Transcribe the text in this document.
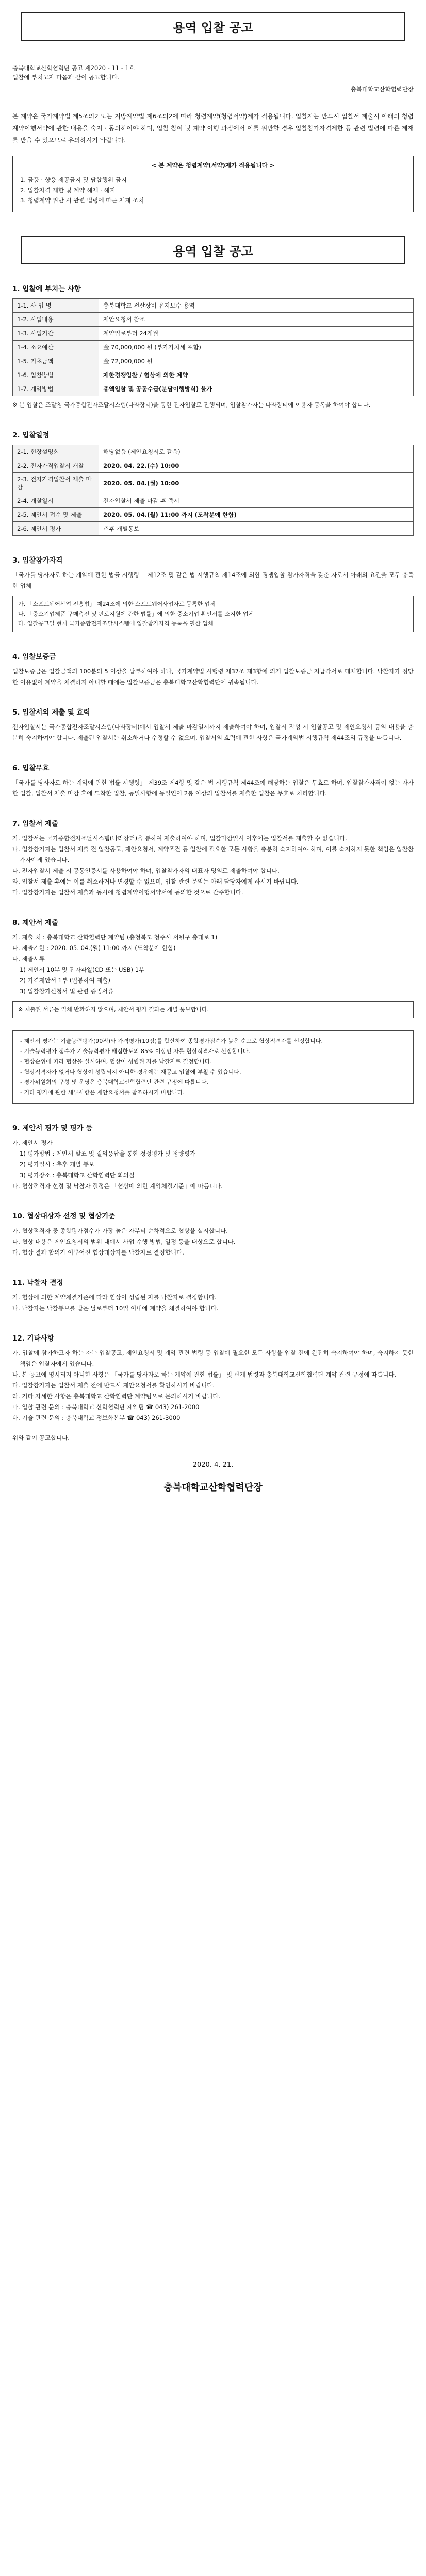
용역 입찰 공고
충북대학교산학협력단 공고 제2020 - 11 - 1호
입찰에 부치고자 다음과 같이 공고합니다.
충북대학교산학협력단장
본 계약은 국가계약법 제5조의2 또는 지방계약법 제6조의2에 따라 청렴계약(청렴서약)제가 적용됩니다. 입찰자는 반드시 입찰서 제출시 아래의 청렴계약이행서약에 관한 내용을 숙지 · 동의하여야 하며, 입찰 참여 및 계약 이행 과정에서 이를 위반할 경우 입찰참가자격제한 등 관련 법령에 따른 제재를 받을 수 있으므로 유의하시기 바랍니다.
< 본 계약은 청렴계약(서약)제가 적용됩니다 >
1. 금품 · 향응 제공금지 및 담합행위 금지
2. 입찰자격 제한 및 계약 해제 · 해지
3. 청렴계약 위반 시 관련 법령에 따른 제재 조치
용역 입찰 공고
1. 입찰에 부치는 사항
1-1. 사 업 명	충북대학교 전산장비 유지보수 용역
1-2. 사업내용	제안요청서 참조
1-3. 사업기간	계약일로부터 24개월
1-4. 소요예산	金 70,000,000 원 (부가가치세 포함)
1-5. 기초금액	金 72,000,000 원
1-6. 입찰방법	제한경쟁입찰 / 협상에 의한 계약
1-7. 계약방법	총액입찰 및 공동수급(분담이행방식) 불가
※ 본 입찰은 조달청 국가종합전자조달시스템(나라장터)을 통한 전자입찰로 진행되며, 입찰참가자는 나라장터에 이용자 등록을 하여야 합니다.
2. 입찰일정
2-1. 현장설명회	해당없음 (제안요청서로 갈음)
2-2. 전자가격입찰서 개찰	2020. 04. 22.(수) 10:00
2-3. 전자가격입찰서 제출 마감	2020. 05. 04.(월) 10:00
2-4. 개찰일시	전자입찰서 제출 마감 후 즉시
2-5. 제안서 접수 및 제출	2020. 05. 04.(월) 11:00 까지 (도착분에 한함)
2-6. 제안서 평가	추후 개별통보
3. 입찰참가자격
「국가를 당사자로 하는 계약에 관한 법률 시행령」 제12조 및 같은 법 시행규칙 제14조에 의한 경쟁입찰 참가자격을 갖춘 자로서 아래의 요건을 모두 충족한 업체
가. 「소프트웨어산업 진흥법」 제24조에 의한 소프트웨어사업자로 등록한 업체
나. 「중소기업제품 구매촉진 및 판로지원에 관한 법률」에 의한 중소기업 확인서를 소지한 업체
다. 입찰공고일 현재 국가종합전자조달시스템에 입찰참가자격 등록을 필한 업체
4. 입찰보증금
입찰보증금은 입찰금액의 100분의 5 이상을 납부하여야 하나, 국가계약법 시행령 제37조 제3항에 의거 입찰보증금 지급각서로 대체합니다. 낙찰자가 정당한 이유없이 계약을 체결하지 아니할 때에는 입찰보증금은 충북대학교산학협력단에 귀속됩니다.
5. 입찰서의 제출 및 효력
전자입찰서는 국가종합전자조달시스템(나라장터)에서 입찰서 제출 마감일시까지 제출하여야 하며, 입찰서 작성 시 입찰공고 및 제안요청서 등의 내용을 충분히 숙지하여야 합니다. 제출된 입찰서는 취소하거나 수정할 수 없으며, 입찰서의 효력에 관한 사항은 국가계약법 시행규칙 제44조의 규정을 따릅니다.
6. 입찰무효
「국가를 당사자로 하는 계약에 관한 법률 시행령」 제39조 제4항 및 같은 법 시행규칙 제44조에 해당하는 입찰은 무효로 하며, 입찰참가자격이 없는 자가 한 입찰, 입찰서 제출 마감 후에 도착한 입찰, 동일사항에 동일인이 2통 이상의 입찰서를 제출한 입찰은 무효로 처리합니다.
7. 입찰서 제출
가. 입찰서는 국가종합전자조달시스템(나라장터)을 통하여 제출하여야 하며, 입찰마감일시 이후에는 입찰서를 제출할 수 없습니다.
나. 입찰참가자는 입찰서 제출 전 입찰공고, 제안요청서, 계약조건 등 입찰에 필요한 모든 사항을 충분히 숙지하여야 하며, 이를 숙지하지 못한 책임은 입찰참가자에게 있습니다.
다. 전자입찰서 제출 시 공동인증서를 사용하여야 하며, 입찰참가자의 대표자 명의로 제출하여야 합니다.
라. 입찰서 제출 후에는 이를 취소하거나 변경할 수 없으며, 입찰 관련 문의는 아래 담당자에게 하시기 바랍니다.
마. 입찰참가자는 입찰서 제출과 동시에 청렴계약이행서약서에 동의한 것으로 간주합니다.
8. 제안서 제출
가. 제출 처 : 충북대학교 산학협력단 계약팀 (충청북도 청주시 서원구 충대로 1)
나. 제출기한 : 2020. 05. 04.(월) 11:00 까지 (도착분에 한함)
다. 제출서류
1) 제안서 10부 및 전자파일(CD 또는 USB) 1부
2) 가격제안서 1부 (밀봉하여 제출)
3) 입찰참가신청서 및 관련 증빙서류
※ 제출된 서류는 일체 반환하지 않으며, 제안서 평가 결과는 개별 통보합니다.
- 제안서 평가는 기술능력평가(90점)와 가격평가(10점)를 합산하여 종합평가점수가 높은 순으로 협상적격자를 선정합니다.
- 기술능력평가 점수가 기술능력평가 배점한도의 85% 이상인 자를 협상적격자로 선정합니다.
- 협상순위에 따라 협상을 실시하며, 협상이 성립된 자를 낙찰자로 결정합니다.
- 협상적격자가 없거나 협상이 성립되지 아니한 경우에는 재공고 입찰에 부칠 수 있습니다.
- 평가위원회의 구성 및 운영은 충북대학교산학협력단 관련 규정에 따릅니다.
- 기타 평가에 관한 세부사항은 제안요청서를 참조하시기 바랍니다.
9. 제안서 평가 및 평가 등
가. 제안서 평가
1) 평가방법 : 제안서 발표 및 질의응답을 통한 정성평가 및 정량평가
2) 평가일시 : 추후 개별 통보
3) 평가장소 : 충북대학교 산학협력단 회의실
나. 협상적격자 선정 및 낙찰자 결정은 「협상에 의한 계약체결기준」에 따릅니다.
10. 협상대상자 선정 및 협상기준
가. 협상적격자 중 종합평가점수가 가장 높은 자부터 순차적으로 협상을 실시합니다.
나. 협상 내용은 제안요청서의 범위 내에서 사업 수행 방법, 일정 등을 대상으로 합니다.
다. 협상 결과 합의가 이루어진 협상대상자를 낙찰자로 결정합니다.
11. 낙찰자 결정
가. 협상에 의한 계약체결기준에 따라 협상이 성립된 자를 낙찰자로 결정합니다.
나. 낙찰자는 낙찰통보를 받은 날로부터 10일 이내에 계약을 체결하여야 합니다.
12. 기타사항
가. 입찰에 참가하고자 하는 자는 입찰공고, 제안요청서 및 계약 관련 법령 등 입찰에 필요한 모든 사항을 입찰 전에 완전히 숙지하여야 하며, 숙지하지 못한 책임은 입찰자에게 있습니다.
나. 본 공고에 명시되지 아니한 사항은 「국가를 당사자로 하는 계약에 관한 법률」 및 관계 법령과 충북대학교산학협력단 계약 관련 규정에 따릅니다.
다. 입찰참가자는 입찰서 제출 전에 반드시 제안요청서를 확인하시기 바랍니다.
라. 기타 자세한 사항은 충북대학교 산학협력단 계약팀으로 문의하시기 바랍니다.
마. 입찰 관련 문의 : 충북대학교 산학협력단 계약팀 ☎ 043) 261-2000
바. 기술 관련 문의 : 충북대학교 정보화본부 ☎ 043) 261-3000
위와 같이 공고합니다.
2020. 4. 21.
충북대학교산학협력단장
